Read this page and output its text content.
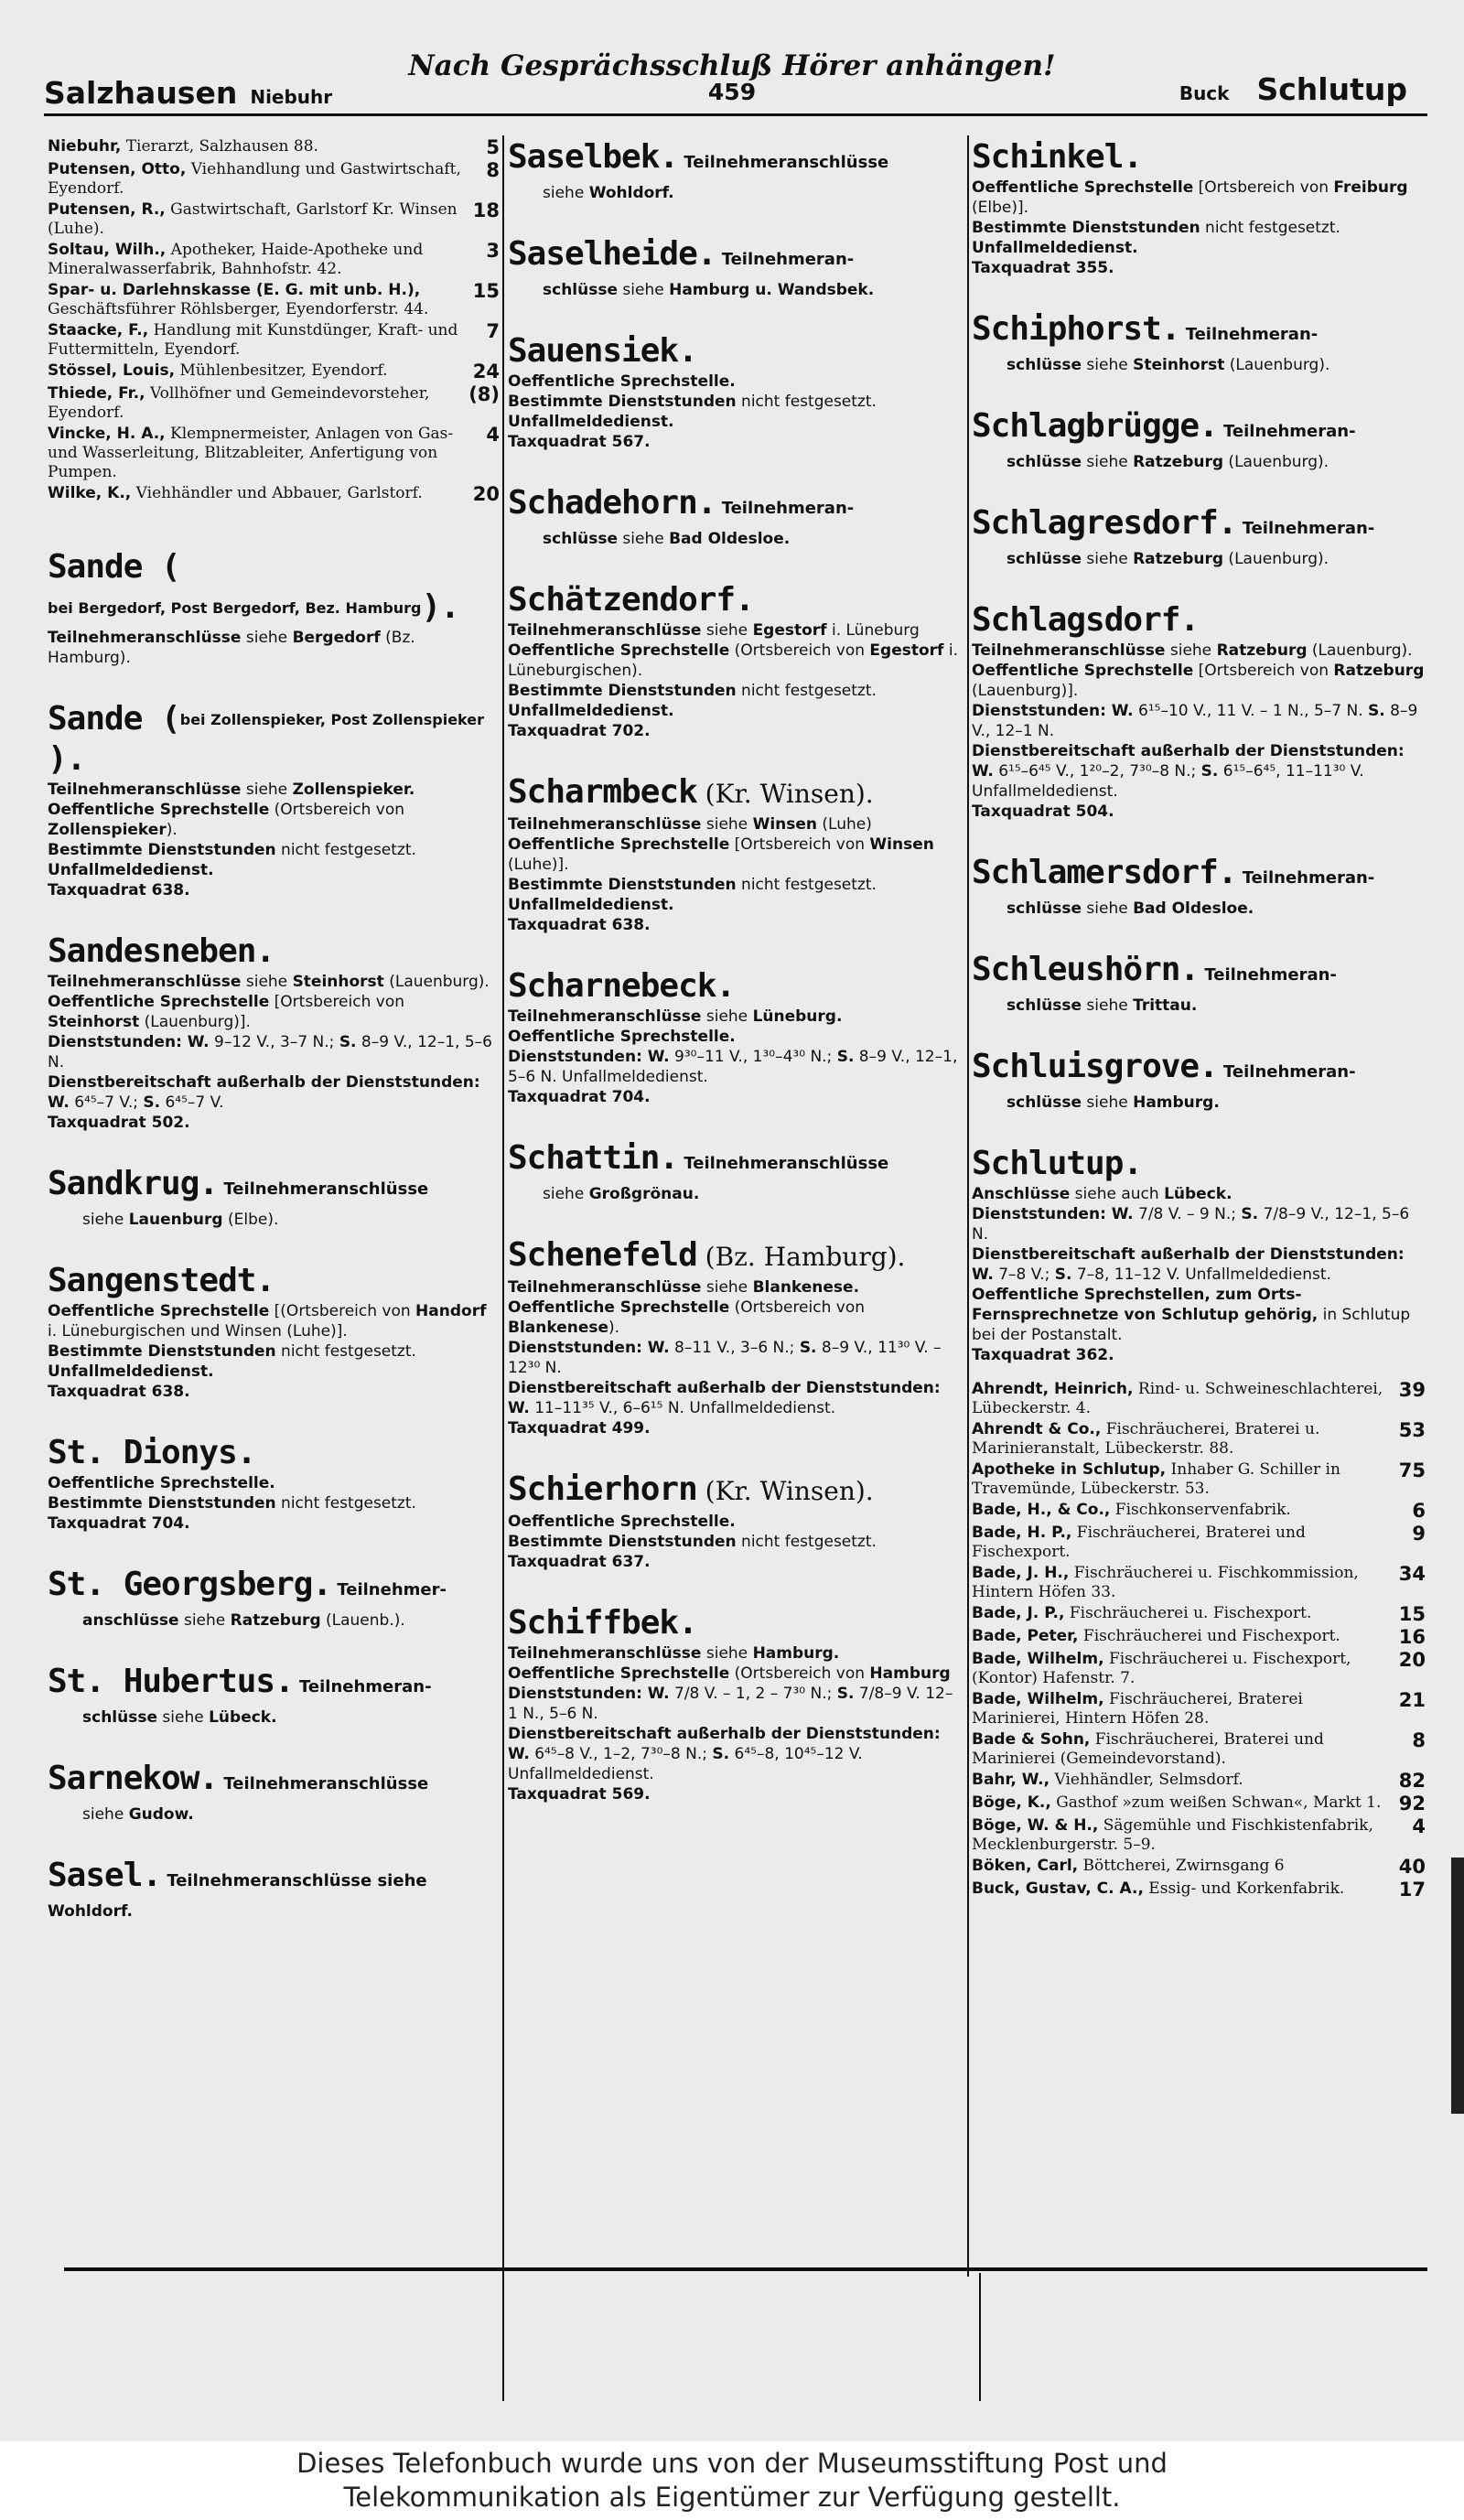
Nach Gesprächsschluß Hörer anhängen!
459
Salzhausen Niebuhr	Buck Schlutup
5
Niebuhr, Tierarzt, Salzhausen 88.
8
Putensen, Otto, Viehhandlung und Gastwirtschaft, Eyendorf.
18
Putensen, R., Gastwirtschaft, Garlstorf Kr. Winsen (Luhe).
3
Soltau, Wilh., Apotheker, Haide-Apotheke und Mineralwasserfabrik, Bahnhofstr. 42.
15
Spar- u. Darlehnskasse (E. G. mit unb. H.), Geschäftsführer Röhlsberger, Eyendorferstr. 44.
7
Staacke, F., Handlung mit Kunstdünger, Kraft- und Futtermitteln, Eyendorf.
24
Stössel, Louis, Mühlenbesitzer, Eyendorf.
(8)
Thiede, Fr., Vollhöfner und Gemeindevorsteher, Eyendorf.
4
Vincke, H. A., Klempnermeister, Anlagen von Gas- und Wasserleitung, Blitzableiter, Anfertigung von Pumpen.
20
Wilke, K., Viehhändler und Abbauer, Garlstorf.
Sande (bei Bergedorf, Post Bergedorf, Bez. Hamburg).
Teilnehmeranschlüsse siehe Bergedorf (Bz. Hamburg).
Sande (bei Zollenspieker, Post Zollenspieker).
Teilnehmeranschlüsse siehe Zollenspieker.
Oeffentliche Sprechstelle (Ortsbereich von Zollenspieker).
Bestimmte Dienststunden nicht festgesetzt.
Unfallmeldedienst.
Taxquadrat 638.
Sandesneben.
Teilnehmeranschlüsse siehe Steinhorst (Lauenburg).
Oeffentliche Sprechstelle [Ortsbereich von Steinhorst (Lauenburg)].
Dienststunden: W. 9–12 V., 3–7 N.; S. 8–9 V., 12–1, 5–6 N.
Dienstbereitschaft außerhalb der Dienststunden: W. 6⁴⁵–7 V.; S. 6⁴⁵–7 V.
Taxquadrat 502.
Sandkrug. Teilnehmeranschlüsse
siehe Lauenburg (Elbe).
Sangenstedt.
Oeffentliche Sprechstelle [(Ortsbereich von Handorf i. Lüneburgischen und Winsen (Luhe)].
Bestimmte Dienststunden nicht festgesetzt.
Unfallmeldedienst.
Taxquadrat 638.
St. Dionys.
Oeffentliche Sprechstelle.
Bestimmte Dienststunden nicht festgesetzt.
Taxquadrat 704.
St. Georgsberg. Teilnehmer-
anschlüsse siehe Ratzeburg (Lauenb.).
St. Hubertus. Teilnehmeran-
schlüsse siehe Lübeck.
Sarnekow. Teilnehmeranschlüsse
siehe Gudow.
Sasel. Teilnehmeranschlüsse siehe
Wohldorf.
Saselbek. Teilnehmeranschlüsse
siehe Wohldorf.
Saselheide. Teilnehmeran-
schlüsse siehe Hamburg u. Wandsbek.
Sauensiek.
Oeffentliche Sprechstelle.
Bestimmte Dienststunden nicht festgesetzt.
Unfallmeldedienst.
Taxquadrat 567.
Schadehorn. Teilnehmeran-
schlüsse siehe Bad Oldesloe.
Schätzendorf.
Teilnehmeranschlüsse siehe Egestorf i. Lüneburg
Oeffentliche Sprechstelle (Ortsbereich von Egestorf i. Lüneburgischen).
Bestimmte Dienststunden nicht festgesetzt.
Unfallmeldedienst.
Taxquadrat 702.
Scharmbeck (Kr. Winsen).
Teilnehmeranschlüsse siehe Winsen (Luhe)
Oeffentliche Sprechstelle [Ortsbereich von Winsen (Luhe)].
Bestimmte Dienststunden nicht festgesetzt.
Unfallmeldedienst.
Taxquadrat 638.
Scharnebeck.
Teilnehmeranschlüsse siehe Lüneburg.
Oeffentliche Sprechstelle.
Dienststunden: W. 9³⁰–11 V., 1³⁰–4³⁰ N.; S. 8–9 V., 12–1, 5–6 N. Unfallmeldedienst.
Taxquadrat 704.
Schattin. Teilnehmeranschlüsse
siehe Großgrönau.
Schenefeld (Bz. Hamburg).
Teilnehmeranschlüsse siehe Blankenese.
Oeffentliche Sprechstelle (Ortsbereich von Blankenese).
Dienststunden: W. 8–11 V., 3–6 N.; S. 8–9 V., 11³⁰ V. – 12³⁰ N.
Dienstbereitschaft außerhalb der Dienststunden: W. 11–11³⁵ V., 6–6¹⁵ N. Unfallmeldedienst.
Taxquadrat 499.
Schierhorn (Kr. Winsen).
Oeffentliche Sprechstelle.
Bestimmte Dienststunden nicht festgesetzt.
Taxquadrat 637.
Schiffbek.
Teilnehmeranschlüsse siehe Hamburg.
Oeffentliche Sprechstelle (Ortsbereich von Hamburg
Dienststunden: W. 7/8 V. – 1, 2 – 7³⁰ N.; S. 7/8–9 V. 12–1 N., 5–6 N.
Dienstbereitschaft außerhalb der Dienststunden: W. 6⁴⁵–8 V., 1–2, 7³⁰–8 N.; S. 6⁴⁵–8, 10⁴⁵–12 V. Unfallmeldedienst.
Taxquadrat 569.
Schinkel.
Oeffentliche Sprechstelle [Ortsbereich von Freiburg (Elbe)].
Bestimmte Dienststunden nicht festgesetzt.
Unfallmeldedienst.
Taxquadrat 355.
Schiphorst. Teilnehmeran-
schlüsse siehe Steinhorst (Lauenburg).
Schlagbrügge. Teilnehmeran-
schlüsse siehe Ratzeburg (Lauenburg).
Schlagresdorf. Teilnehmeran-
schlüsse siehe Ratzeburg (Lauenburg).
Schlagsdorf.
Teilnehmeranschlüsse siehe Ratzeburg (Lauenburg).
Oeffentliche Sprechstelle [Ortsbereich von Ratzeburg (Lauenburg)].
Dienststunden: W. 6¹⁵–10 V., 11 V. – 1 N., 5–7 N. S. 8–9 V., 12–1 N.
Dienstbereitschaft außerhalb der Dienststunden: W. 6¹⁵–6⁴⁵ V., 1²⁰–2, 7³⁰–8 N.; S. 6¹⁵–6⁴⁵, 11–11³⁰ V. Unfallmeldedienst.
Taxquadrat 504.
Schlamersdorf. Teilnehmeran-
schlüsse siehe Bad Oldesloe.
Schleushörn. Teilnehmeran-
schlüsse siehe Trittau.
Schluisgrove. Teilnehmeran-
schlüsse siehe Hamburg.
Schlutup.
Anschlüsse siehe auch Lübeck.
Dienststunden: W. 7/8 V. – 9 N.; S. 7/8–9 V., 12–1, 5–6 N.
Dienstbereitschaft außerhalb der Dienststunden: W. 7–8 V.; S. 7–8, 11–12 V. Unfallmeldedienst.
Oeffentliche Sprechstellen, zum Orts-Fernsprechnetze von Schlutup gehörig, in Schlutup bei der Postanstalt.
Taxquadrat 362.
39
Ahrendt, Heinrich, Rind- u. Schweineschlachterei, Lübeckerstr. 4.
53
Ahrendt & Co., Fischräucherei, Braterei u. Marinieranstalt, Lübeckerstr. 88.
75
Apotheke in Schlutup, Inhaber G. Schiller in Travemünde, Lübeckerstr. 53.
6
Bade, H., & Co., Fischkonservenfabrik.
9
Bade, H. P., Fischräucherei, Braterei und Fischexport.
34
Bade, J. H., Fischräucherei u. Fischkommission, Hintern Höfen 33.
15
Bade, J. P., Fischräucherei u. Fischexport.
16
Bade, Peter, Fischräucherei und Fischexport.
20
Bade, Wilhelm, Fischräucherei u. Fischexport, (Kontor) Hafenstr. 7.
21
Bade, Wilhelm, Fischräucherei, Braterei Marinierei, Hintern Höfen 28.
8
Bade & Sohn, Fischräucherei, Braterei und Marinierei (Gemeindevorstand).
82
Bahr, W., Viehhändler, Selmsdorf.
92
Böge, K., Gasthof »zum weißen Schwan«, Markt 1.
4
Böge, W. & H., Sägemühle und Fischkistenfabrik, Mecklenburgerstr. 5–9.
40
Böken, Carl, Böttcherei, Zwirnsgang 6
17
Buck, Gustav, C. A., Essig- und Korkenfabrik.
Dieses Telefonbuch wurde uns von der Museumsstiftung Post und
Telekommunikation als Eigentümer zur Verfügung gestellt.
